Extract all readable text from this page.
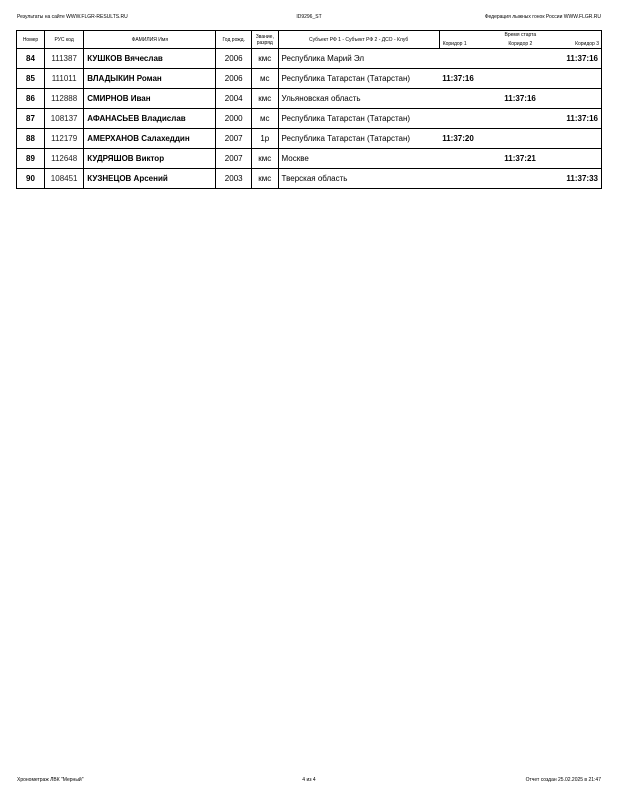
Результаты на сайте WWW.FLGR-RESULTS.RU	ID9296_ST	Федерация лыжных гонок России WWW.FLGR.RU
Номер	РУС код	ФАМИЛИЯ Имя	Год рожд.	Звание, разряд	Субъект РФ 1 - Субъект РФ 2 - ДСО - Клуб	Время старта
Коридор 1 Коридор 2 Коридор 3		

84	111387	КУШКОВ Вячеслав	2006	кмс	Республика Марий Эл			11:37:16
85	111011	ВЛАДЫКИН Роман	2006	мс	Республика Татарстан (Татарстан)	11:37:16		
86	112888	СМИРНОВ Иван	2004	кмс	Ульяновская область		11:37:16	
87	108137	АФАНАСЬЕВ Владислав	2000	мс	Республика Татарстан (Татарстан)			11:37:16
88	112179	АМЕРХАНОВ Салахеддин	2007	1р	Республика Татарстан (Татарстан)	11:37:20		
89	112648	КУДРЯШОВ Виктор	2007	кмс	Москве		11:37:21	
90	108451	КУЗНЕЦОВ Арсений	2003	кмс	Тверская область			11:37:33
Хронометраж ЛВК "Мерный"	4 из 4	Отчет создан 25.02.2025 в 21:47
